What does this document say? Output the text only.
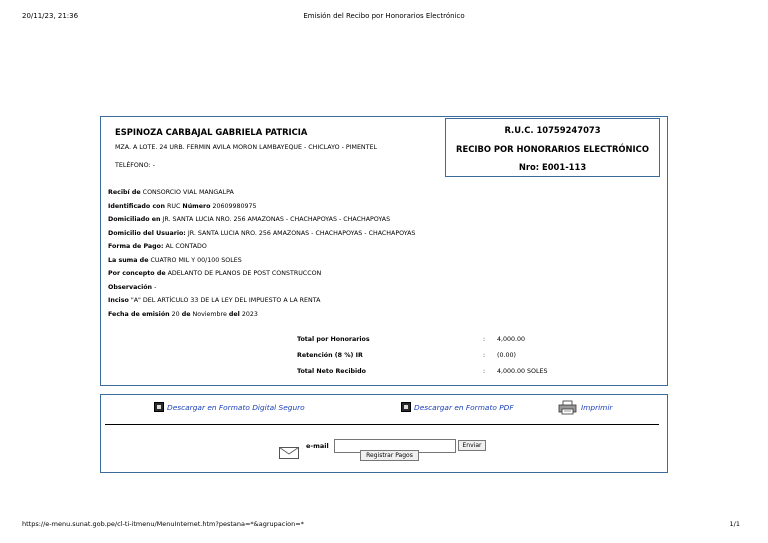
20/11/23, 21:36	Emisión del Recibo por Honorarios Electrónico
ESPINOZA CARBAJAL GABRIELA PATRICIA
MZA. A LOTE. 24 URB. FERMIN AVILA MORON LAMBAYEQUE - CHICLAYO - PIMENTEL
TELÉFONO: -
R.U.C. 10759247073
RECIBO POR HONORARIOS ELECTRÓNICO
Nro: E001-113
Recibí de CONSORCIO VIAL MANGALPA
Identificado con RUC Número 20609980975
Domiciliado en JR. SANTA LUCIA NRO. 256 AMAZONAS - CHACHAPOYAS - CHACHAPOYAS
Domicilio del Usuario: JR. SANTA LUCIA NRO. 256 AMAZONAS - CHACHAPOYAS - CHACHAPOYAS
Forma de Pago: AL CONTADO
La suma de CUATRO MIL Y 00/100 SOLES
Por concepto de ADELANTO DE PLANOS DE POST CONSTRUCCON
Observación -
Inciso "A" DEL ARTÍCULO 33 DE LA LEY DEL IMPUESTO A LA RENTA
Fecha de emisión 20 de Noviembre del 2023
Total por Honorarios	: 4,000.00
Retención (8 %) IR	: (0.00)
Total Neto Recibido	: 4,000.00 SOLES
Descargar en Formato Digital Seguro	Descargar en Formato PDF	Imprimir
e-mail	Enviar
Registrar Pagos
https://e-menu.sunat.gob.pe/cl-ti-itmenu/MenuInternet.htm?pestana=*&agrupacion=*	1/1
